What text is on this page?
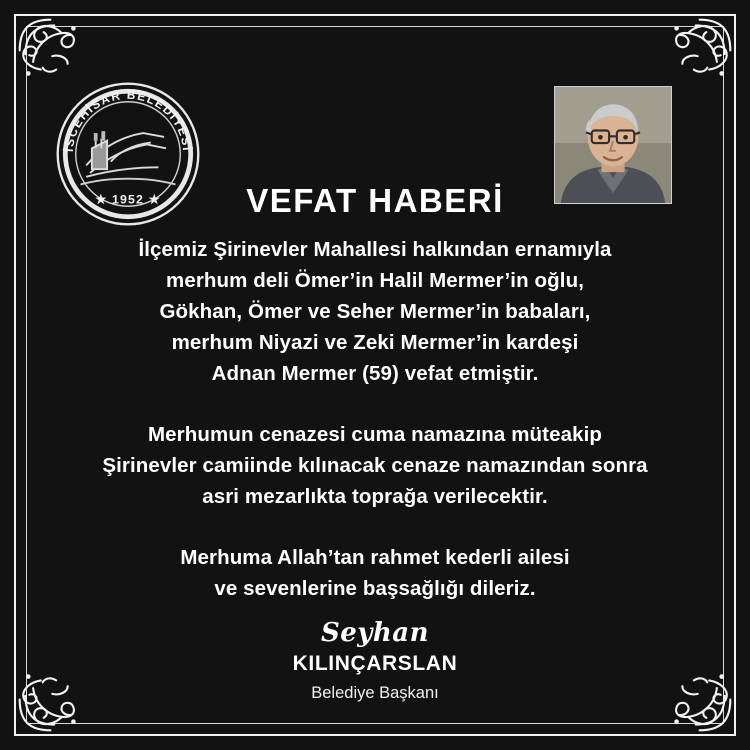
İSCEHİSAR BELEDİYESİ
★ 1952 ★	VEFAT HABERİ

İlçemiz Şirinevler Mahallesi halkından ernamıyla
merhum deli Ömer’in Halil Mermer’in oğlu,
Gökhan, Ömer ve Seher Mermer’in babaları,
merhum Niyazi ve Zeki Mermer’in kardeşi
Adnan Mermer (59) vefat etmiştir.

Merhumun cenazesi cuma namazına müteakip
Şirinevler camiinde kılınacak cenaze namazından sonra
asri mezarlıkta toprağa verilecektir.

Merhuma Allah’tan rahmet kederli ailesi
ve sevenlerine başsağlığı dileriz.

Seyhan
KILINÇARSLAN
Belediye Başkanı
